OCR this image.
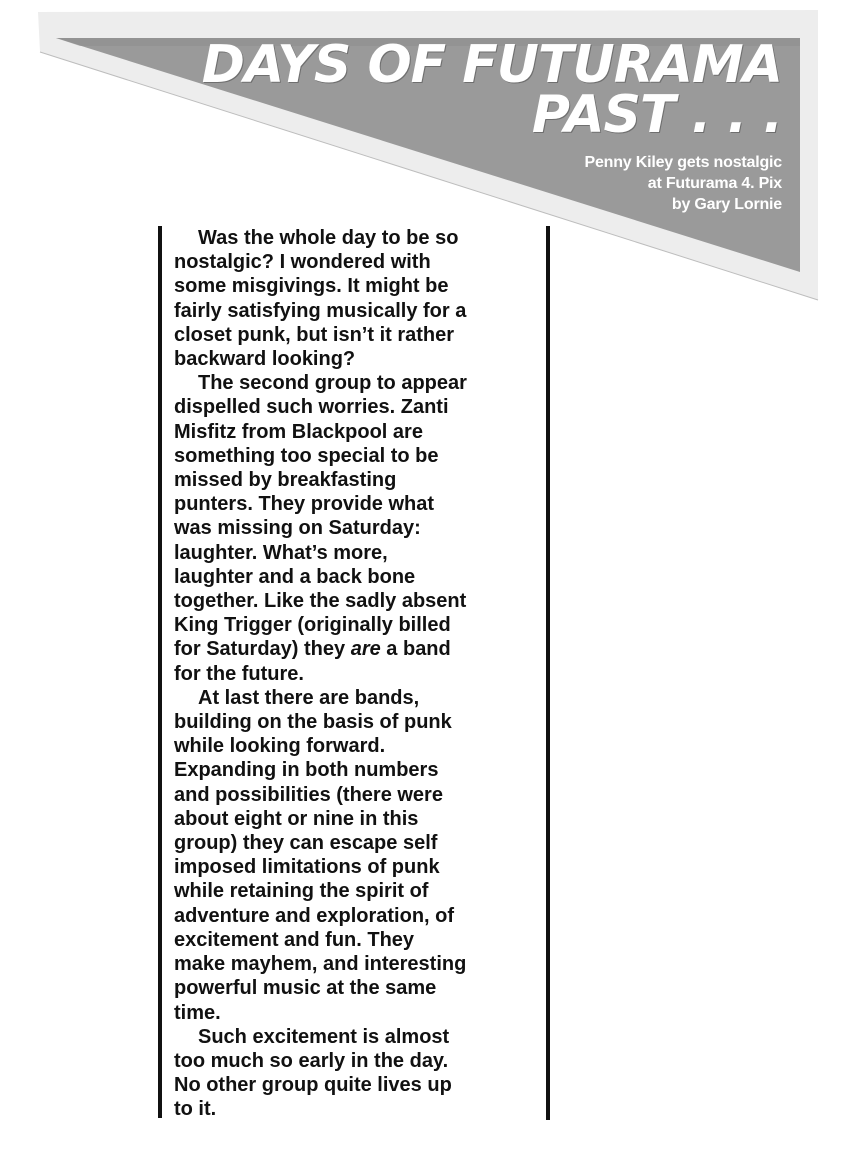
DAYS OF FUTURAMA
PAST . . .
Penny Kiley gets nostalgic
at Futurama 4. Pix
by Gary Lornie
Was the whole day to be so
nostalgic? I wondered with
some misgivings. It might be
fairly satisfying musically for a
closet punk, but isn’t it rather
backward looking?
The second group to appear
dispelled such worries. Zanti
Misfitz from Blackpool are
something too special to be
missed by breakfasting
punters. They provide what
was missing on Saturday:
laughter. What’s more,
laughter and a back bone
together. Like the sadly absent
King Trigger (originally billed
for Saturday) they are a band
for the future.
At last there are bands,
building on the basis of punk
while looking forward.
Expanding in both numbers
and possibilities (there were
about eight or nine in this
group) they can escape self
imposed limitations of punk
while retaining the spirit of
adventure and exploration, of
excitement and fun. They
make mayhem, and interesting
powerful music at the same
time.
Such excitement is almost
too much so early in the day.
No other group quite lives up
to it.
